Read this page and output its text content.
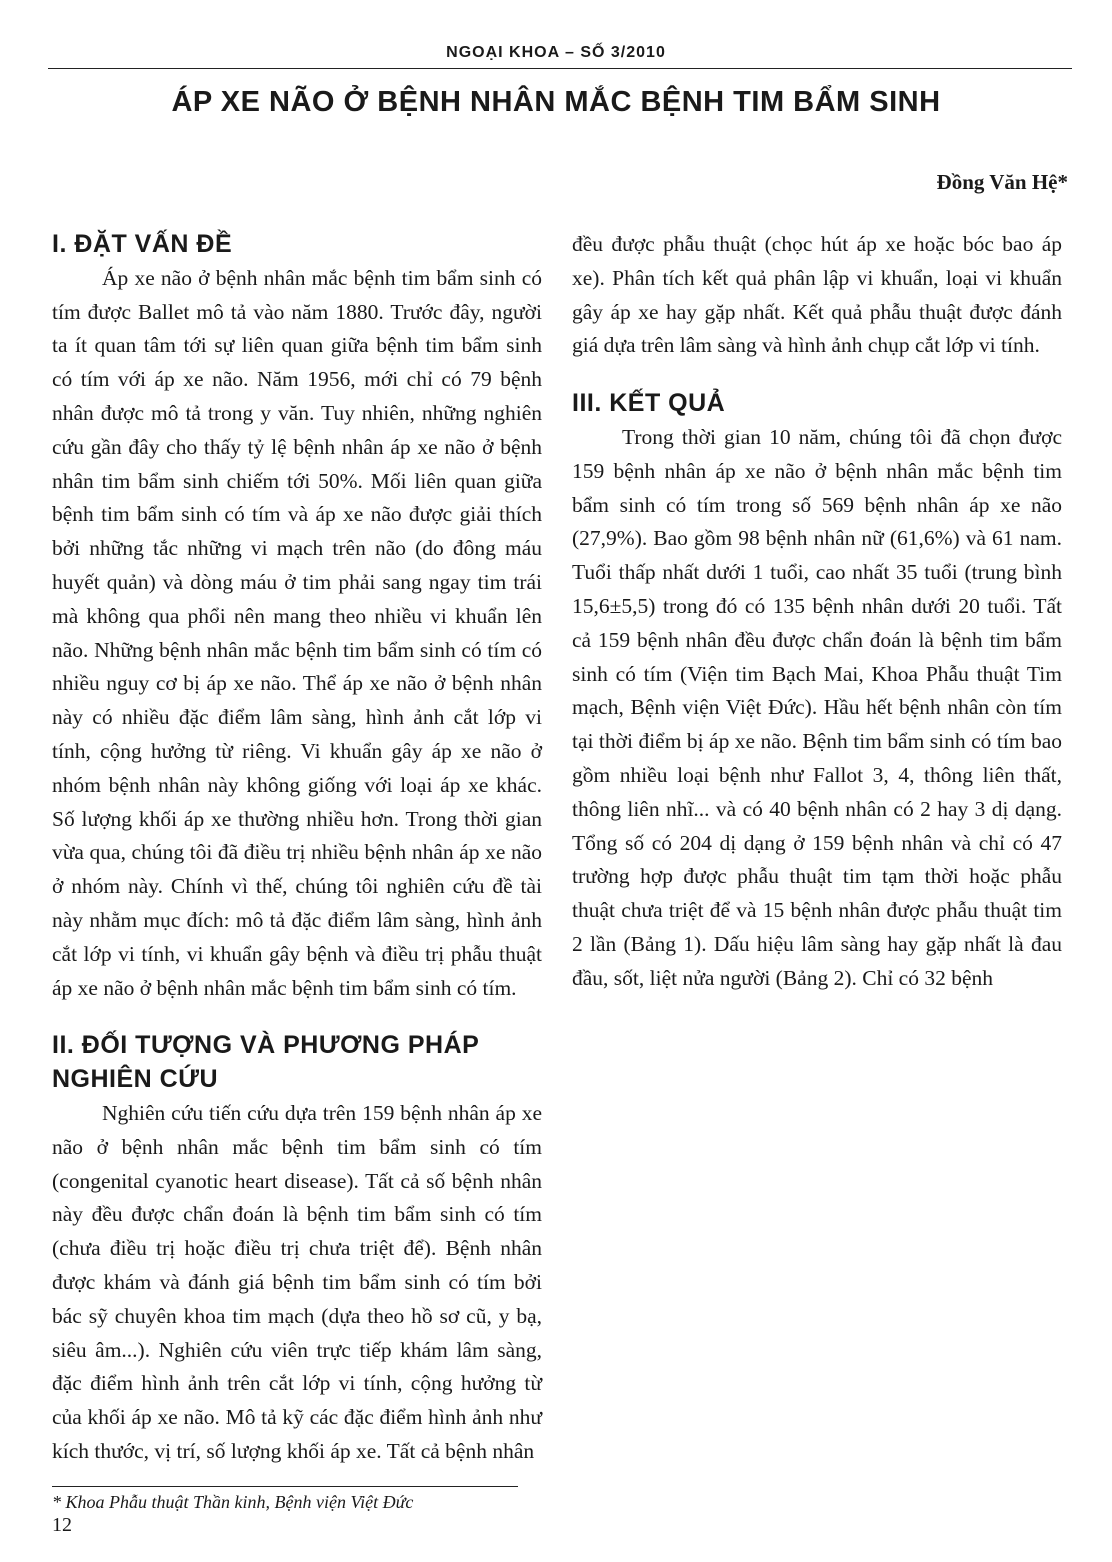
NGOẠI KHOA – SỐ 3/2010
ÁP XE NÃO Ở BỆNH NHÂN MẮC BỆNH TIM BẨM SINH
Đồng Văn Hệ*
I. ĐẶT VẤN ĐỀ

Áp xe não ở bệnh nhân mắc bệnh tim bẩm sinh có tím được Ballet mô tả vào năm 1880. Trước đây, người ta ít quan tâm tới sự liên quan giữa bệnh tim bẩm sinh có tím với áp xe não. Năm 1956, mới chỉ có 79 bệnh nhân được mô tả trong y văn. Tuy nhiên, những nghiên cứu gần đây cho thấy tỷ lệ bệnh nhân áp xe não ở bệnh nhân tim bẩm sinh chiếm tới 50%. Mối liên quan giữa bệnh tim bẩm sinh có tím và áp xe não được giải thích bởi những tắc những vi mạch trên não (do đông máu huyết quản) và dòng máu ở tim phải sang ngay tim trái mà không qua phổi nên mang theo nhiều vi khuẩn lên não. Những bệnh nhân mắc bệnh tim bẩm sinh có tím có nhiều nguy cơ bị áp xe não. Thể áp xe não ở bệnh nhân này có nhiều đặc điểm lâm sàng, hình ảnh cắt lớp vi tính, cộng hưởng từ riêng. Vi khuẩn gây áp xe não ở nhóm bệnh nhân này không giống với loại áp xe khác. Số lượng khối áp xe thường nhiều hơn. Trong thời gian vừa qua, chúng tôi đã điều trị nhiều bệnh nhân áp xe não ở nhóm này. Chính vì thế, chúng tôi nghiên cứu đề tài này nhằm mục đích: mô tả đặc điểm lâm sàng, hình ảnh cắt lớp vi tính, vi khuẩn gây bệnh và điều trị phẫu thuật áp xe não ở bệnh nhân mắc bệnh tim bẩm sinh có tím.

II. ĐỐI TƯỢNG VÀ PHƯƠNG PHÁP NGHIÊN CỨU

Nghiên cứu tiến cứu dựa trên 159 bệnh nhân áp xe não ở bệnh nhân mắc bệnh tim bẩm sinh có tím (congenital cyanotic heart disease). Tất cả số bệnh nhân này đều được chẩn đoán là bệnh tim bẩm sinh có tím (chưa điều trị hoặc điều trị chưa triệt để). Bệnh nhân được khám và đánh giá bệnh tim bẩm sinh có tím bởi bác sỹ chuyên khoa tim mạch (dựa theo hồ sơ cũ, y bạ, siêu âm...). Nghiên cứu viên trực tiếp khám lâm sàng, đặc điểm hình ảnh trên cắt lớp vi tính, cộng hưởng từ của khối áp xe não. Mô tả kỹ các đặc điểm hình ảnh như kích thước, vị trí, số lượng khối áp xe. Tất cả bệnh nhân

đều được phẫu thuật (chọc hút áp xe hoặc bóc bao áp xe). Phân tích kết quả phân lập vi khuẩn, loại vi khuẩn gây áp xe hay gặp nhất. Kết quả phẫu thuật được đánh giá dựa trên lâm sàng và hình ảnh chụp cắt lớp vi tính.

III. KẾT QUẢ

Trong thời gian 10 năm, chúng tôi đã chọn được 159 bệnh nhân áp xe não ở bệnh nhân mắc bệnh tim bẩm sinh có tím trong số 569 bệnh nhân áp xe não (27,9%). Bao gồm 98 bệnh nhân nữ (61,6%) và 61 nam. Tuổi thấp nhất dưới 1 tuổi, cao nhất 35 tuổi (trung bình 15,6±5,5) trong đó có 135 bệnh nhân dưới 20 tuổi. Tất cả 159 bệnh nhân đều được chẩn đoán là bệnh tim bẩm sinh có tím (Viện tim Bạch Mai, Khoa Phẫu thuật Tim mạch, Bệnh viện Việt Đức). Hầu hết bệnh nhân còn tím tại thời điểm bị áp xe não. Bệnh tim bẩm sinh có tím bao gồm nhiều loại bệnh như Fallot 3, 4, thông liên thất, thông liên nhĩ... và có 40 bệnh nhân có 2 hay 3 dị dạng. Tổng số có 204 dị dạng ở 159 bệnh nhân và chỉ có 47 trường hợp được phẫu thuật tim tạm thời hoặc phẫu thuật chưa triệt để và 15 bệnh nhân được phẫu thuật tim 2 lần (Bảng 1). Dấu hiệu lâm sàng hay gặp nhất là đau đầu, sốt, liệt nửa người (Bảng 2). Chỉ có 32 bệnh

* Khoa Phẫu thuật Thần kinh, Bệnh viện Việt Đức
12
